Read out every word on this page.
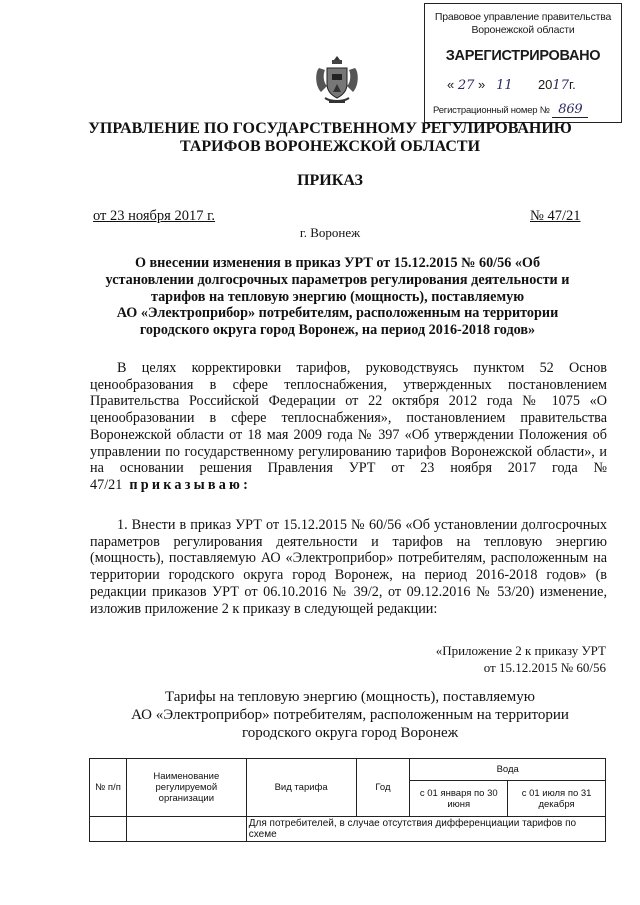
Правовое управление правительства
Воронежской области
ЗАРЕГИСТРИРОВАНО
« 27 » 11 2017г.
Регистрационный номер № 869
УПРАВЛЕНИЕ ПО ГОСУДАРСТВЕННОМУ РЕГУЛИРОВАНИЮ
ТАРИФОВ ВОРОНЕЖСКОЙ ОБЛАСТИ
ПРИКАЗ
от 23 ноября 2017 г.	№ 47/21
г. Воронеж
О внесении изменения в приказ УРТ от 15.12.2015 № 60/56 «Об
установлении долгосрочных параметров регулирования деятельности и
тарифов на тепловую энергию (мощность), поставляемую
АО «Электроприбор» потребителям, расположенным на территории
городского округа город Воронеж, на период 2016-2018 годов»
В целях корректировки тарифов, руководствуясь пунктом 52 Основ ценообразования в сфере теплоснабжения, утвержденных постановлением Правительства Российской Федерации от 22 октября 2012 года № 1075 «О ценообразовании в сфере теплоснабжения», постановлением правительства Воронежской области от 18 мая 2009 года № 397 «Об утверждении Положения об управлении по государственному регулированию тарифов Воронежской области», и на основании решения Правления УРТ от 23 ноября 2017 года № 47/21 приказываю:
1. Внести в приказ УРТ от 15.12.2015 № 60/56 «Об установлении долгосрочных параметров регулирования деятельности и тарифов на тепловую энергию (мощность), поставляемую АО «Электроприбор» потребителям, расположенным на территории городского округа город Воронеж, на период 2016-2018 годов» (в редакции приказов УРТ от 06.10.2016 № 39/2, от 09.12.2016 № 53/20) изменение, изложив приложение 2 к приказу в следующей редакции:
«Приложение 2 к приказу УРТ
от 15.12.2015 № 60/56
Тарифы на тепловую энергию (мощность), поставляемую
АО «Электроприбор» потребителям, расположенным на территории
городского округа город Воронеж
№ п/п	Наименование регулируемой организации	Вид тарифа	Год	Вода	
				с 01 января по 30 июня	с 01 июля по 31 декабря
		Для потребителей, в случае отсутствия дифференциации тарифов по схеме			
